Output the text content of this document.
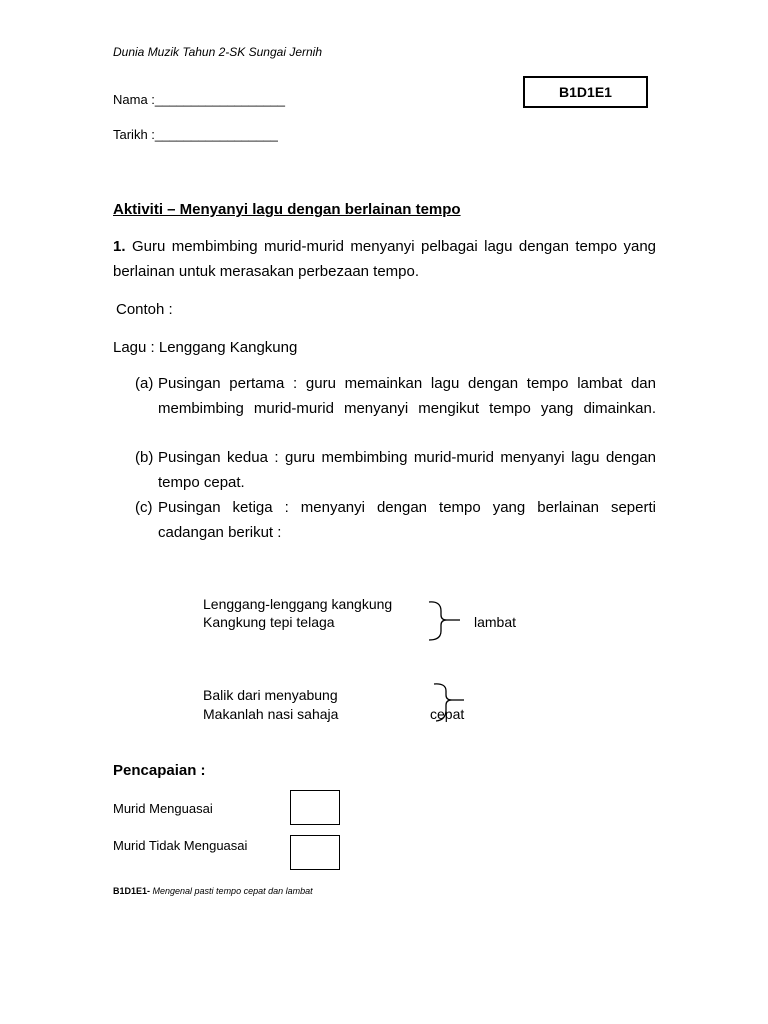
Dunia Muzik Tahun 2-SK Sungai Jernih
Nama :__________________
Tarikh :_________________
B1D1E1
Aktiviti – Menyanyi lagu dengan berlainan tempo
1. Guru membimbing murid-murid menyanyi pelbagai lagu dengan tempo yang berlainan untuk merasakan perbezaan tempo.
Contoh :
Lagu : Lenggang Kangkung
(a) Pusingan pertama : guru memainkan lagu dengan tempo lambat dan membimbing murid-murid menyanyi mengikut tempo yang dimainkan.
(b) Pusingan kedua : guru membimbing murid-murid menyanyi lagu dengan tempo cepat.
(c) Pusingan ketiga : menyanyi dengan tempo yang berlainan seperti cadangan berikut :
Lenggang-lenggang kangkung
Kangkung tepi telaga	lambat
Balik dari menyabung
Makanlah nasi sahaja	cepat
Pencapaian :
Murid Menguasai
Murid Tidak Menguasai
B1D1E1- Mengenal pasti tempo cepat dan lambat
